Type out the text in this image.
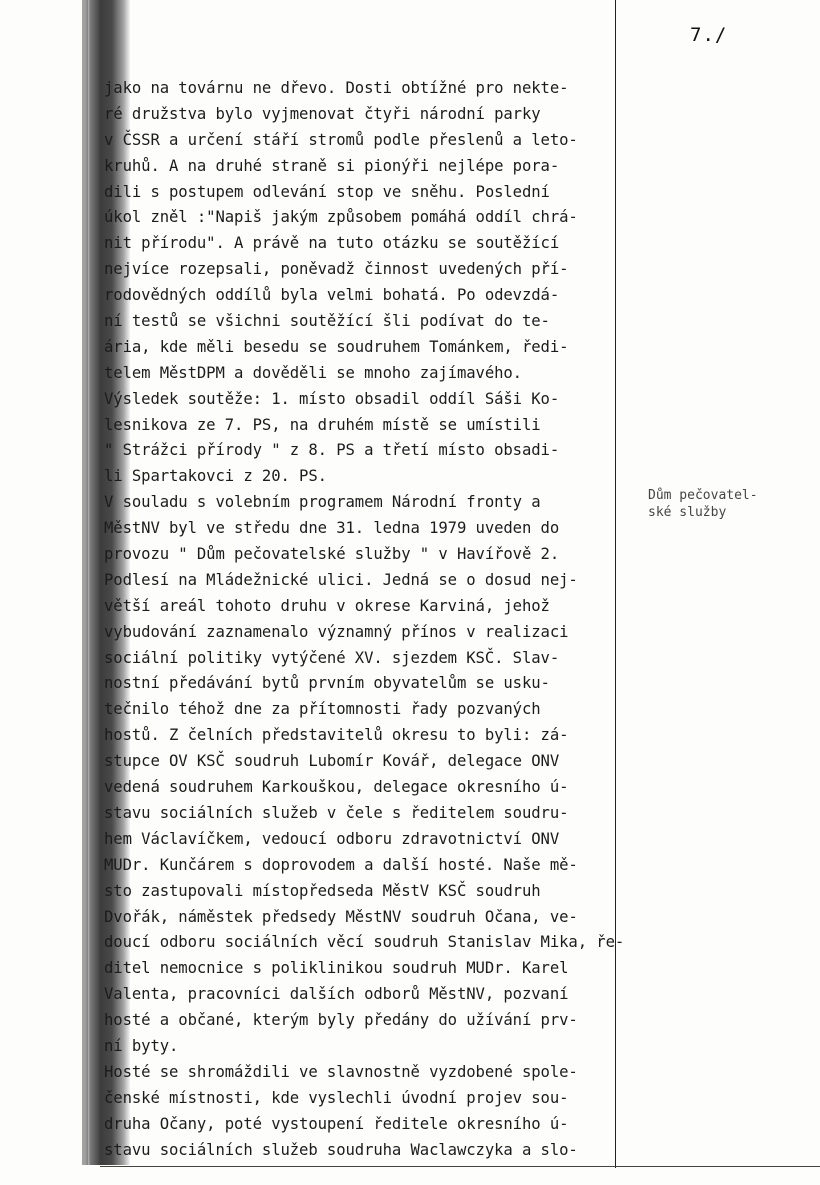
7./
jako na továrnu ne dřevo. Dosti obtížné pro nekte-
ré družstva bylo vyjmenovat čtyři národní parky
v ČSSR a určení stáří stromů podle přeslenů a leto-
kruhů. A na druhé straně si pionýři nejlépe pora-
dili s postupem odlevání stop ve sněhu. Poslední
úkol zněl :"Napiš jakým způsobem pomáhá oddíl chrá-
nit přírodu". A právě na tuto otázku se soutěžící
nejvíce rozepsali, poněvadž činnost uvedených pří-
rodovědných oddílů byla velmi bohatá. Po odevzdá-
ní testů se všichni soutěžící šli podívat do te-
ária, kde měli besedu se soudruhem Tománkem, ředi-
telem MěstDPM a dověděli se mnoho zajímavého.
Výsledek soutěže: 1. místo obsadil oddíl Sáši Ko-
lesnikova ze 7. PS, na druhém místě se umístili
" Strážci přírody " z 8. PS a třetí místo obsadi-
li Spartakovci z 20. PS.
V souladu s volebním programem Národní fronty a
MěstNV byl ve středu dne 31. ledna 1979 uveden do
provozu " Dům pečovatelské služby " v Havířově 2.
Podlesí na Mládežnické ulici. Jedná se o dosud nej-
větší areál tohoto druhu v okrese Karviná, jehož
vybudování zaznamenalo významný přínos v realizaci
sociální politiky vytýčené XV. sjezdem KSČ. Slav-
nostní předávání bytů prvním obyvatelům se usku-
tečnilo téhož dne za přítomnosti řady pozvaných
hostů. Z čelních představitelů okresu to byli: zá-
stupce OV KSČ soudruh Lubomír Kovář, delegace ONV
vedená soudruhem Karkouškou, delegace okresního ú-
stavu sociálních služeb v čele s ředitelem soudru-
hem Václavíčkem, vedoucí odboru zdravotnictví ONV
MUDr. Kunčárem s doprovodem a další hosté. Naše mě-
sto zastupovali místopředseda MěstV KSČ soudruh
Dvořák, náměstek předsedy MěstNV soudruh Očana, ve-
doucí odboru sociálních věcí soudruh Stanislav Mika, ře-
ditel nemocnice s poliklinikou soudruh MUDr. Karel
Valenta, pracovníci dalších odborů MěstNV, pozvaní
hosté a občané, kterým byly předány do užívání prv-
ní byty.
Hosté se shromáždili ve slavnostně vyzdobené spole-
čenské místnosti, kde vyslechli úvodní projev sou-
druha Očany, poté vystoupení ředitele okresního ú-
stavu sociálních služeb soudruha Waclawczyka a slo-
Dům pečovatel-
ské služby
